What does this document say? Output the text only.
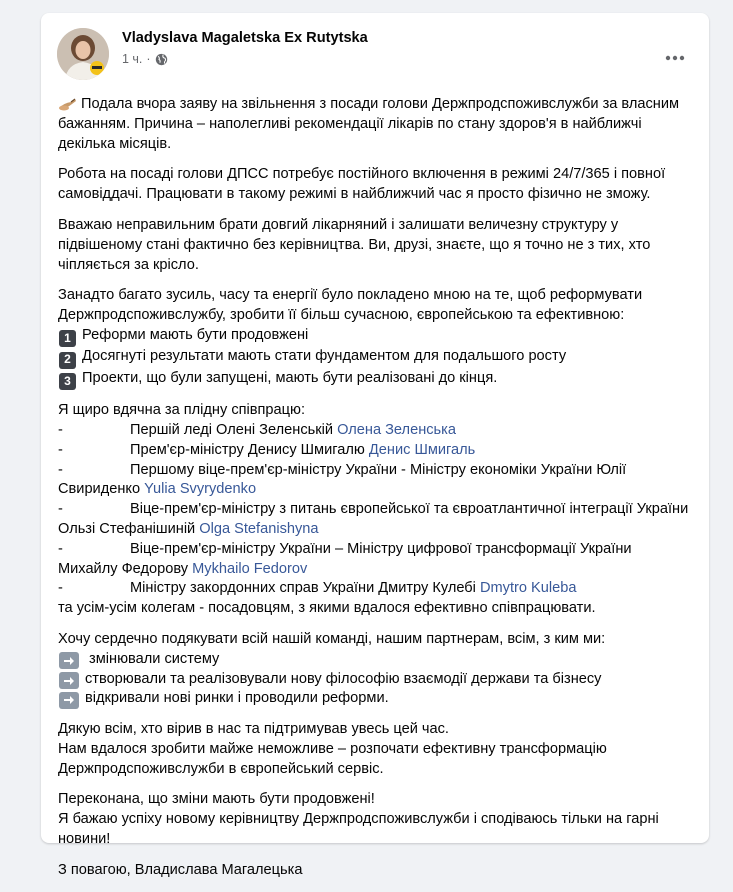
Vladyslava Magaletska Ex Rutytska
1 ч. ·

Подала вчора заяву на звільнення з посади голови Держпродспоживслужби за власним бажанням. Причина – наполегливі рекомендації лікарів по стану здоров'я в найближчі декілька місяців.

Робота на посаді голови ДПСС потребує постійного включення в режимі 24/7/365 і повної самовіддачі. Працювати в такому режимі в найближчий час я просто фізично не зможу.

Вважаю неправильним брати довгий лікарняний і залишати величезну структуру у підвішеному стані фактично без керівництва. Ви, друзі, знаєте, що я точно не з тих, хто чіпляється за крісло.

Занадто багато зусиль, часу та енергії було покладено мною на те, щоб реформувати Держпродспоживслужбу, зробити її більш сучасною, європейською та ефективною:
1 Реформи мають бути продовжені
2 Досягнуті результати мають стати фундаментом для подальшого росту
3 Проекти, що були запущені, мають бути реалізовані до кінця.

Я щиро вдячна за плідну співпрацю:
-	Першій леді Олені Зеленській Олена Зеленська
-	Прем'єр-міністру Денису Шмигалю Денис Шмигаль
-	Першому віце-прем'єр-міністру України - Міністру економіки України Юлії Свириденко Yulia Svyrydenko
-	Віце-прем'єр-міністру з питань європейської та євроатлантичної інтеграції України Ользі Стефанішиній Olga Stefanishyna
-	Віце-прем'єр-міністру України – Міністру цифрової трансформації України Михайлу Федорову Mykhailo Fedorov
-	Міністру закордонних справ України Дмитру Кулебі Dmytro Kuleba
та усім-усім колегам - посадовцям, з якими вдалося ефективно співпрацювати.

Хочу сердечно подякувати всій нашій команді, нашим партнерам, всім, з ким ми:
змінювали систему
створювали та реалізовували нову філософію взаємодії держави та бізнесу
відкривали нові ринки і проводили реформи.

Дякую всім, хто вірив в нас та підтримував увесь цей час.
Нам вдалося зробити майже неможливе – розпочати ефективну трансформацію Держпродспоживслужби в європейський сервіс.

Переконана, що зміни мають бути продовжені!
Я бажаю успіху новому керівництву Держпродспоживслужби і сподіваюсь тільки на гарні новини!

З повагою, Владислава Магалецька
